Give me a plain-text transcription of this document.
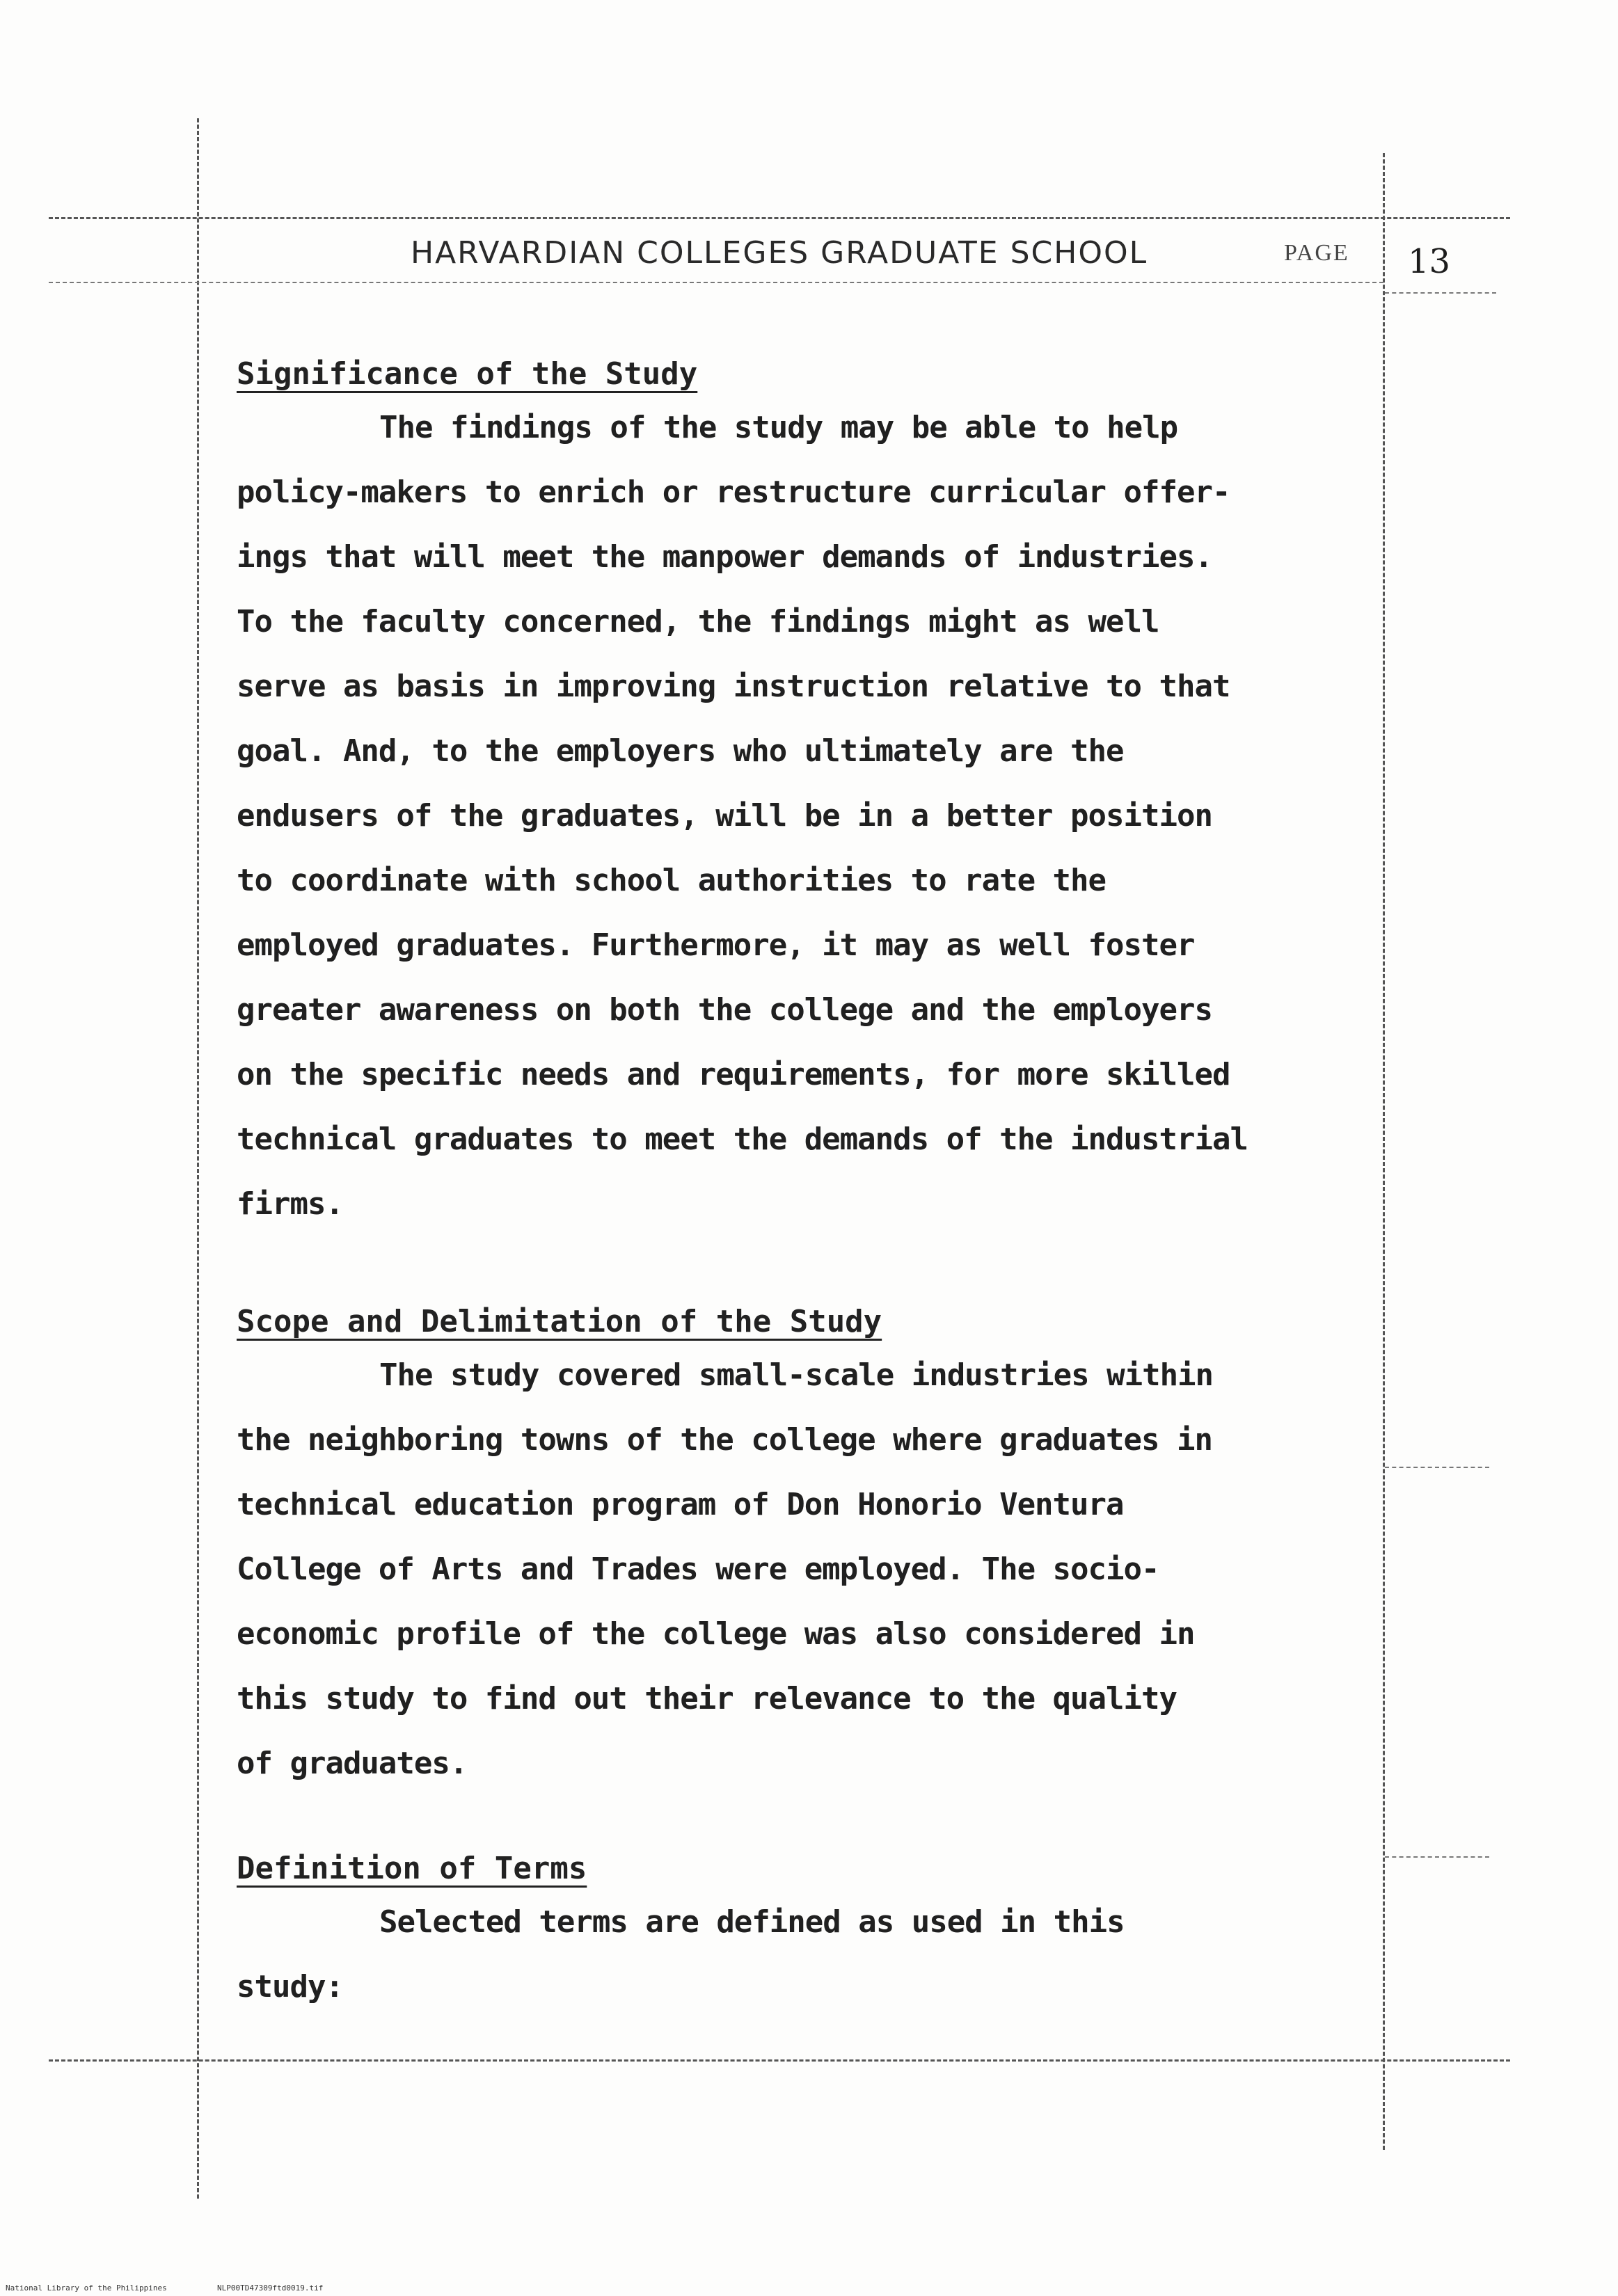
HARVARDIAN COLLEGES GRADUATE SCHOOL	PAGE 13
Significance of the Study
The findings of the study may be able to help
policy-makers to enrich or restructure curricular offer-
ings that will meet the manpower demands of industries.
To the faculty concerned, the findings might as well
serve as basis in improving instruction relative to that
goal. And, to the employers who ultimately are the
endusers of the graduates, will be in a better position
to coordinate with school authorities to rate the
employed graduates. Furthermore, it may as well foster
greater awareness on both the college and the employers
on the specific needs and requirements, for more skilled
technical graduates to meet the demands of the industrial
firms.
Scope and Delimitation of the Study
The study covered small-scale industries within
the neighboring towns of the college where graduates in
technical education program of Don Honorio Ventura
College of Arts and Trades were employed. The socio-
economic profile of the college was also considered in
this study to find out their relevance to the quality
of graduates.
Definition of Terms
Selected terms are defined as used in this
study:
National Library of the Philippines	NLP00TD47309ftd0019.tif
